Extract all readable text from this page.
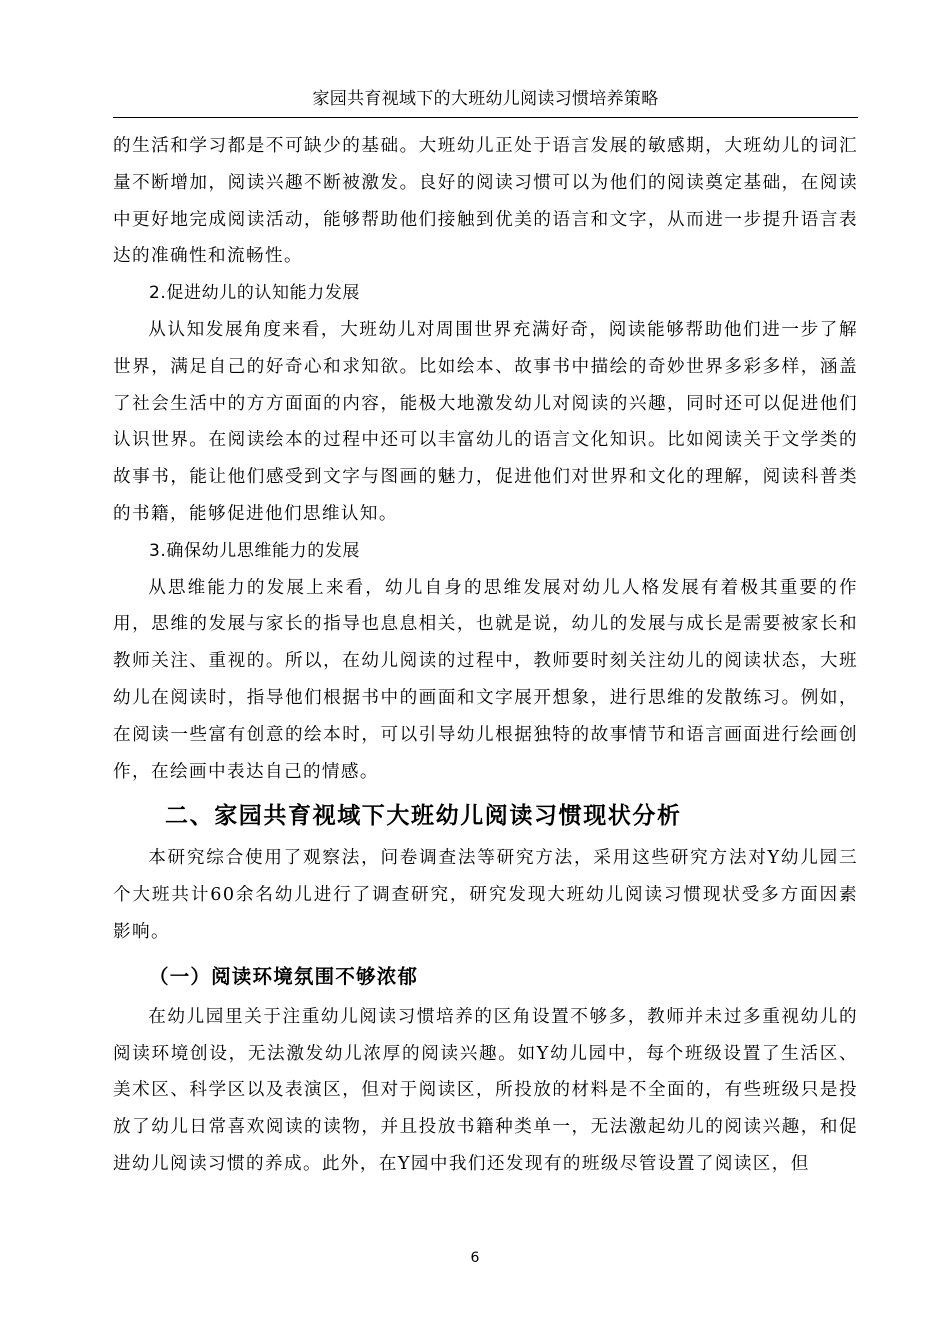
家园共育视域下的大班幼儿阅读习惯培养策略

的生活和学习都是不可缺少的基础。大班幼儿正处于语言发展的敏感期，大班幼儿的词汇量不断增加，阅读兴趣不断被激发。良好的阅读习惯可以为他们的阅读奠定基础，在阅读中更好地完成阅读活动，能够帮助他们接触到优美的语言和文字，从而进一步提升语言表达的准确性和流畅性。

2.促进幼儿的认知能力发展

从认知发展角度来看，大班幼儿对周围世界充满好奇，阅读能够帮助他们进一步了解世界，满足自己的好奇心和求知欲。比如绘本、故事书中描绘的奇妙世界多彩多样，涵盖了社会生活中的方方面面的内容，能极大地激发幼儿对阅读的兴趣，同时还可以促进他们认识世界。在阅读绘本的过程中还可以丰富幼儿的语言文化知识。比如阅读关于文学类的故事书，能让他们感受到文字与图画的魅力，促进他们对世界和文化的理解，阅读科普类的书籍，能够促进他们思维认知。

3.确保幼儿思维能力的发展

从思维能力的发展上来看，幼儿自身的思维发展对幼儿人格发展有着极其重要的作用，思维的发展与家长的指导也息息相关，也就是说，幼儿的发展与成长是需要被家长和教师关注、重视的。所以，在幼儿阅读的过程中，教师要时刻关注幼儿的阅读状态，大班幼儿在阅读时，指导他们根据书中的画面和文字展开想象，进行思维的发散练习。例如，在阅读一些富有创意的绘本时，可以引导幼儿根据独特的故事情节和语言画面进行绘画创作，在绘画中表达自己的情感。

二、家园共育视域下大班幼儿阅读习惯现状分析

本研究综合使用了观察法，问卷调查法等研究方法，采用这些研究方法对Y幼儿园三个大班共计60余名幼儿进行了调查研究，研究发现大班幼儿阅读习惯现状受多方面因素影响。

（一）阅读环境氛围不够浓郁

在幼儿园里关于注重幼儿阅读习惯培养的区角设置不够多，教师并未过多重视幼儿的阅读环境创设，无法激发幼儿浓厚的阅读兴趣。如Y幼儿园中，每个班级设置了生活区、美术区、科学区以及表演区，但对于阅读区，所投放的材料是不全面的，有些班级只是投放了幼儿日常喜欢阅读的读物，并且投放书籍种类单一，无法激起幼儿的阅读兴趣，和促进幼儿阅读习惯的养成。此外，在Y园中我们还发现有的班级尽管设置了阅读区，但

6
